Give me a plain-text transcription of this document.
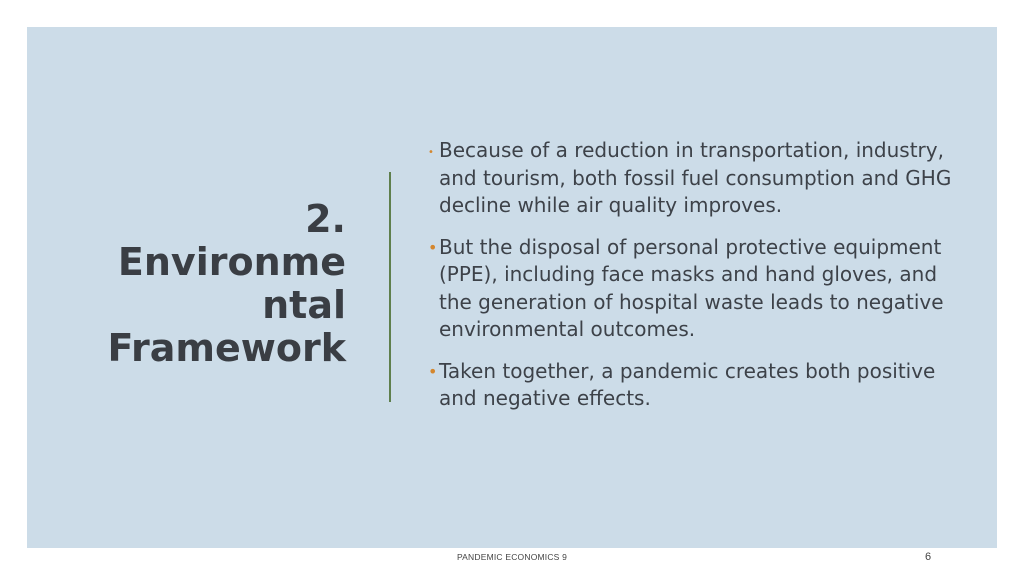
2.
Environme
ntal
Framework
• Because of a reduction in transportation, industry, and tourism, both fossil fuel consumption and GHG decline while air quality improves.
• But the disposal of personal protective equipment (PPE), including face masks and hand gloves, and the generation of hospital waste leads to negative environmental outcomes.
• Taken together, a pandemic creates both positive and negative effects.
PANDEMIC ECONOMICS 9	6
